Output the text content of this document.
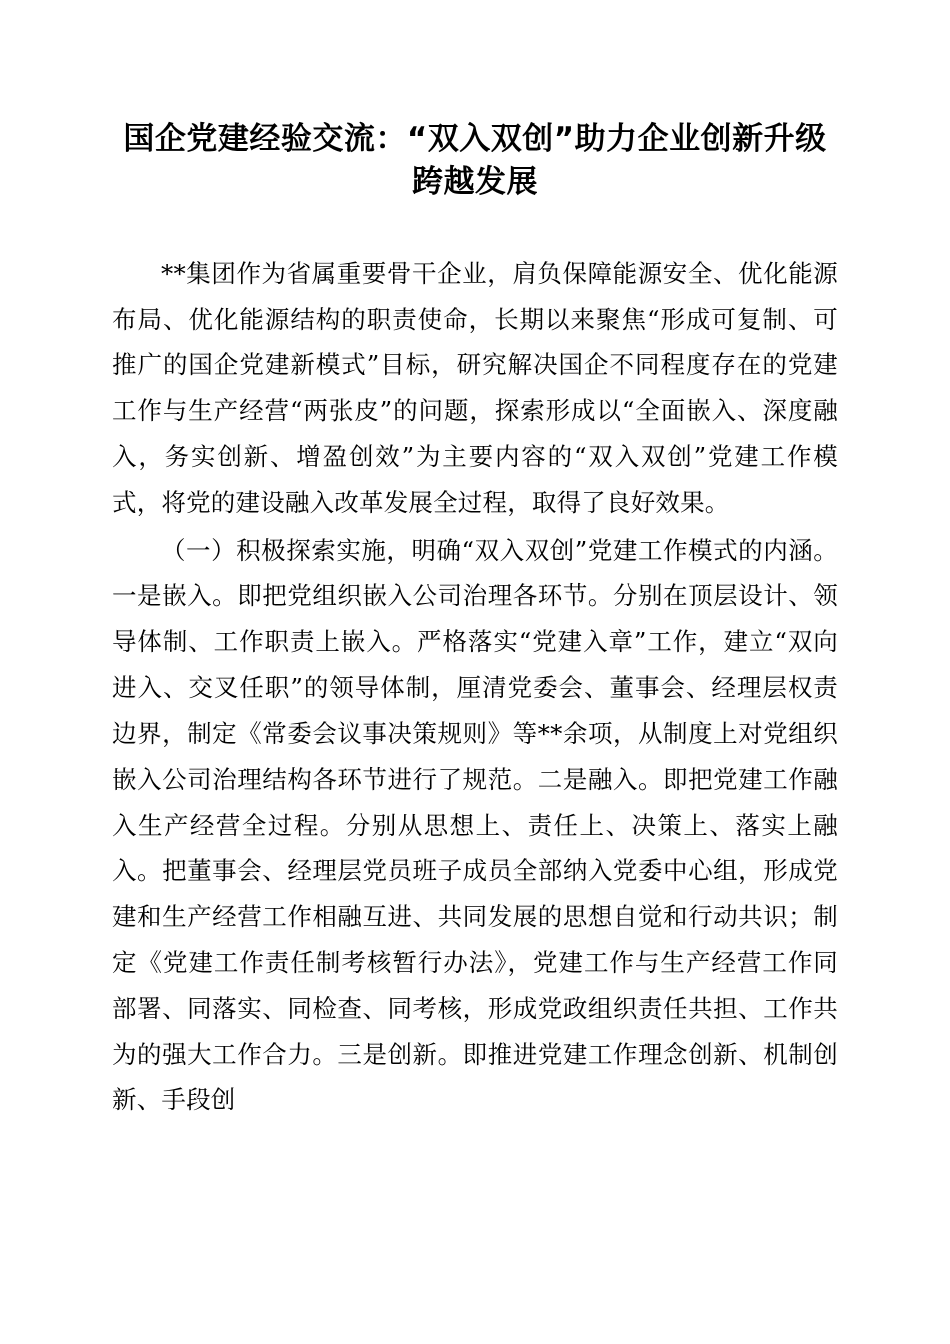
国企党建经验交流：“双入双创”助力企业创新升级跨越发展

**集团作为省属重要骨干企业，肩负保障能源安全、优化能源布局、优化能源结构的职责使命，长期以来聚焦“形成可复制、可推广的国企党建新模式”目标，研究解决国企不同程度存在的党建工作与生产经营“两张皮”的问题，探索形成以“全面嵌入、深度融入，务实创新、增盈创效”为主要内容的“双入双创”党建工作模式，将党的建设融入改革发展全过程，取得了良好效果。

（一）积极探索实施，明确“双入双创”党建工作模式的内涵。一是嵌入。即把党组织嵌入公司治理各环节。分别在顶层设计、领导体制、工作职责上嵌入。严格落实“党建入章”工作，建立“双向进入、交叉任职”的领导体制，厘清党委会、董事会、经理层权责边界，制定《常委会议事决策规则》等**余项，从制度上对党组织嵌入公司治理结构各环节进行了规范。二是融入。即把党建工作融入生产经营全过程。分别从思想上、责任上、决策上、落实上融入。把董事会、经理层党员班子成员全部纳入党委中心组，形成党建和生产经营工作相融互进、共同发展的思想自觉和行动共识；制定《党建工作责任制考核暂行办法》，党建工作与生产经营工作同部署、同落实、同检查、同考核，形成党政组织责任共担、工作共为的强大工作合力。三是创新。即推进党建工作理念创新、机制创新、手段创
